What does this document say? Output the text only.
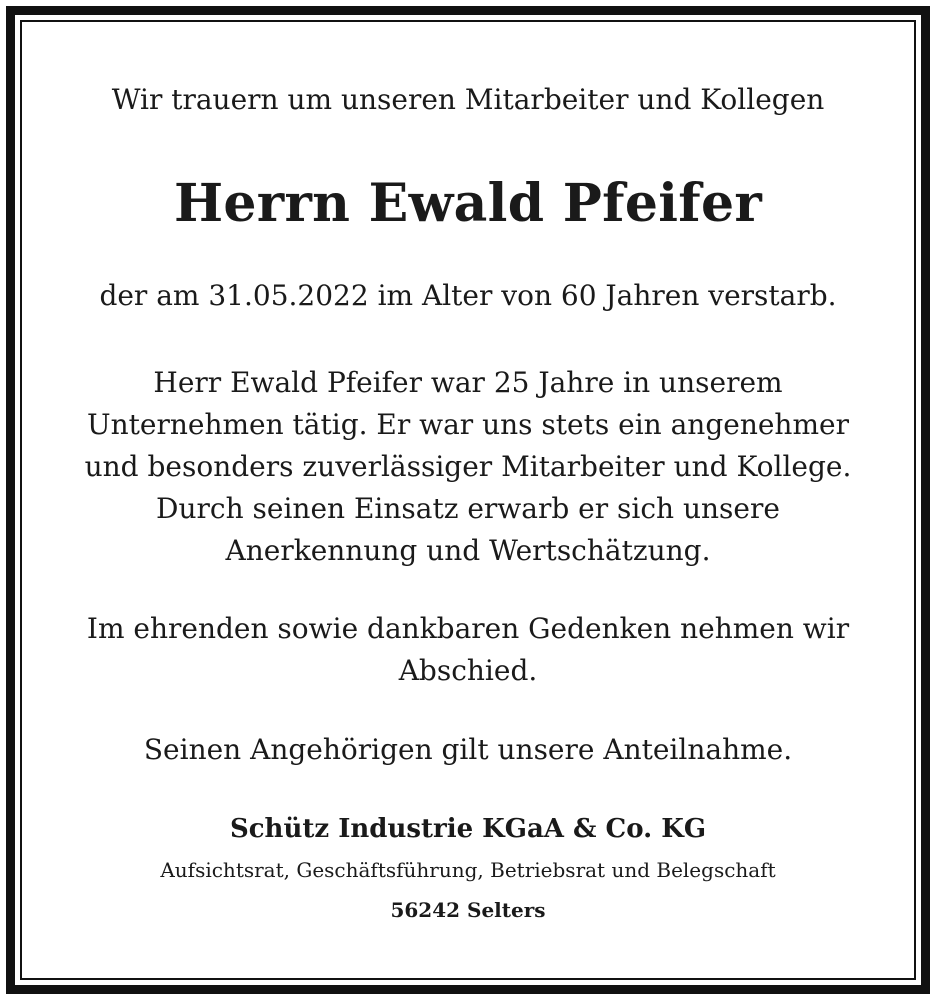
Wir trauern um unseren Mitarbeiter und Kollegen

Herrn Ewald Pfeifer

der am 31.05.2022 im Alter von 60 Jahren verstarb.

Herr Ewald Pfeifer war 25 Jahre in unserem Unternehmen tätig. Er war uns stets ein angenehmer und besonders zuverlässiger Mitarbeiter und Kollege. Durch seinen Einsatz erwarb er sich unsere Anerkennung und Wertschätzung.

Im ehrenden sowie dankbaren Gedenken nehmen wir Abschied.

Seinen Angehörigen gilt unsere Anteilnahme.

Schütz Industrie KGaA & Co. KG

Aufsichtsrat, Geschäftsführung, Betriebsrat und Belegschaft

56242 Selters
